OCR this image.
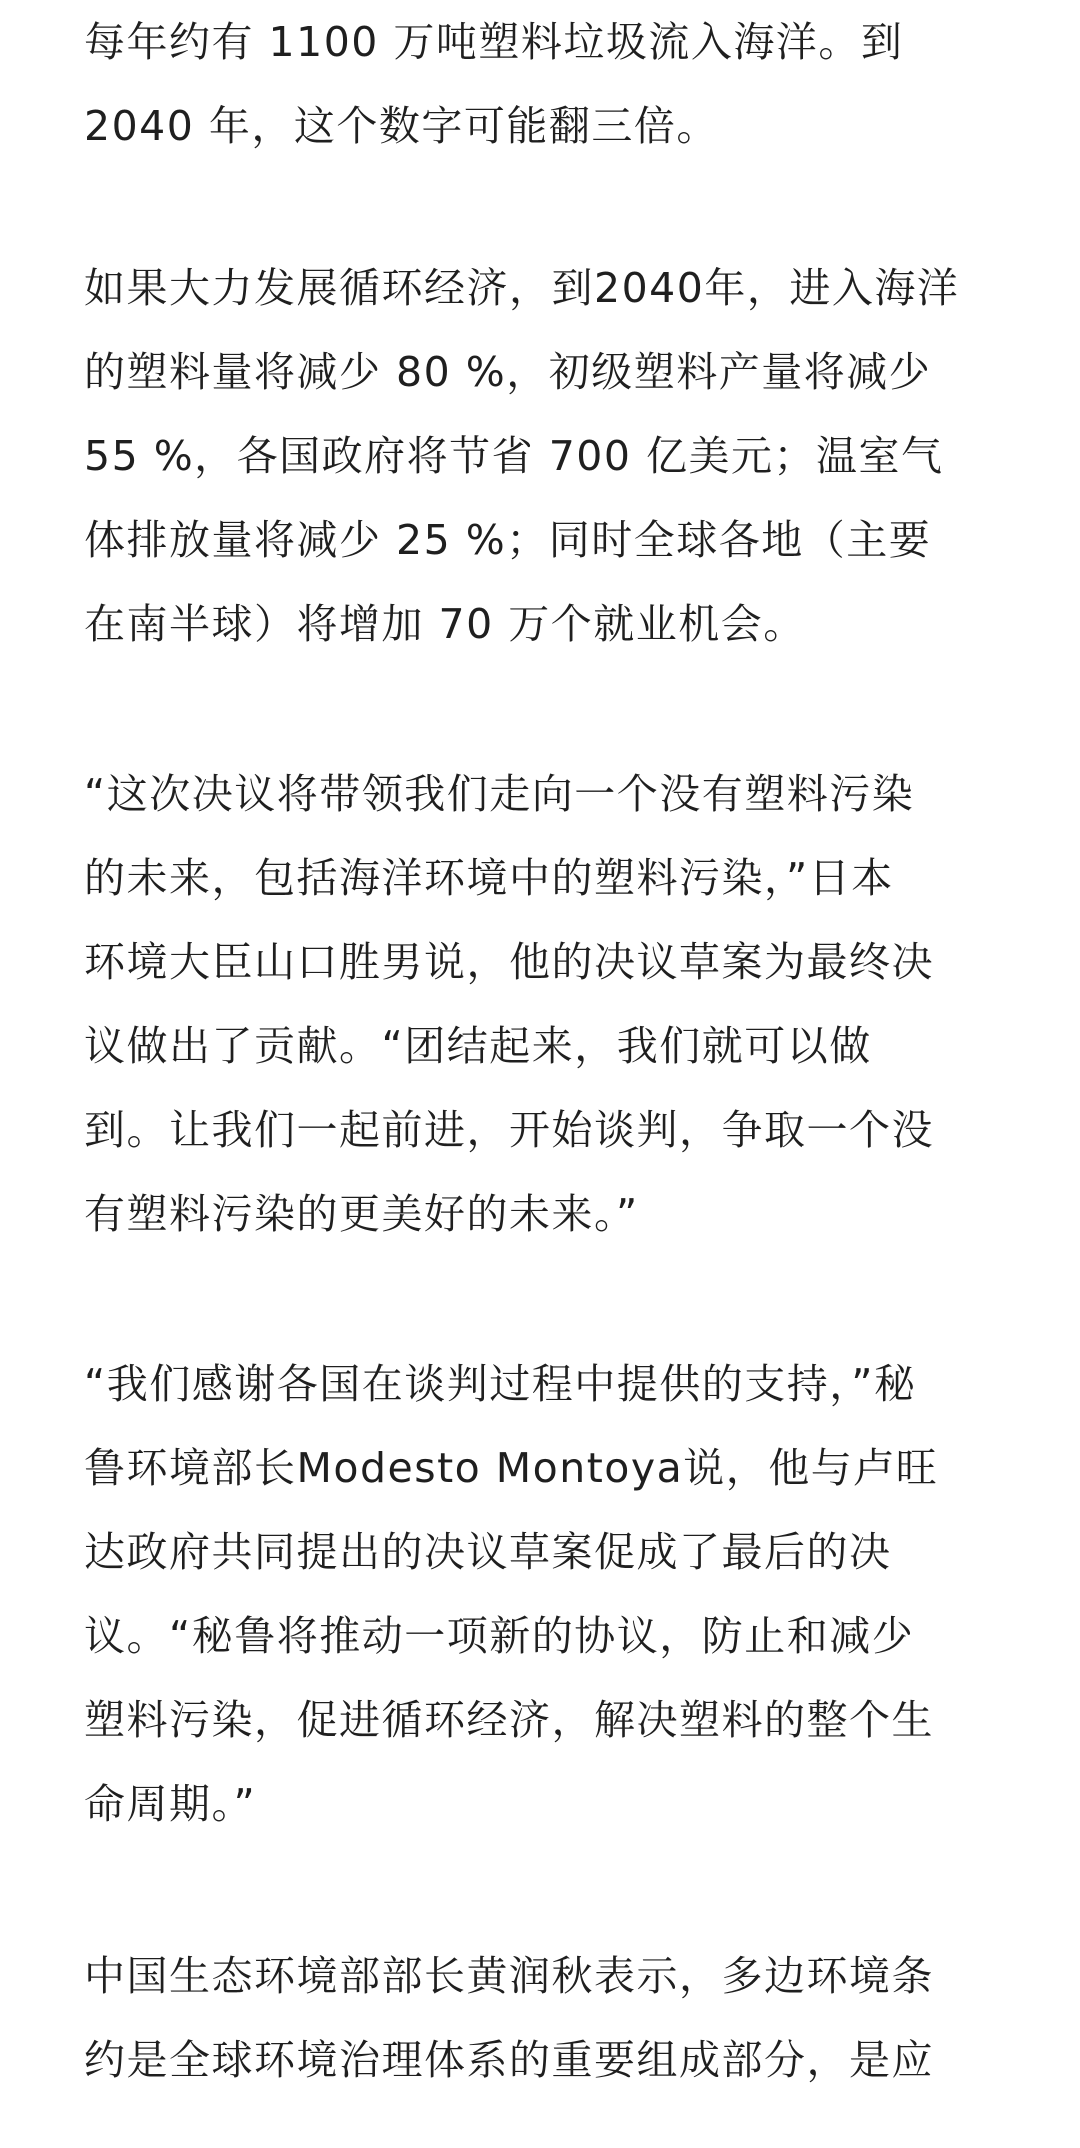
每年约有 1100 万吨塑料垃圾流入海洋。到
2040 年，这个数字可能翻三倍。
如果大力发展循环经济，到2040年，进入海洋
的塑料量将减少 80 %，初级塑料产量将减少
55 %，各国政府将节省 700 亿美元；温室气
体排放量将减少 25 %；同时全球各地（主要
在南半球）将增加 70 万个就业机会。
“这次决议将带领我们走向一个没有塑料污染
的未来，包括海洋环境中的塑料污染，”日本
环境大臣山口胜男说，他的决议草案为最终决
议做出了贡献。“团结起来，我们就可以做
到。让我们一起前进，开始谈判，争取一个没
有塑料污染的更美好的未来。”
“我们感谢各国在谈判过程中提供的支持，”秘
鲁环境部长Modesto Montoya说，他与卢旺
达政府共同提出的决议草案促成了最后的决
议。“秘鲁将推动一项新的协议，防止和减少
塑料污染，促进循环经济，解决塑料的整个生
命周期。”
中国生态环境部部长黄润秋表示，多边环境条
约是全球环境治理体系的重要组成部分，是应
